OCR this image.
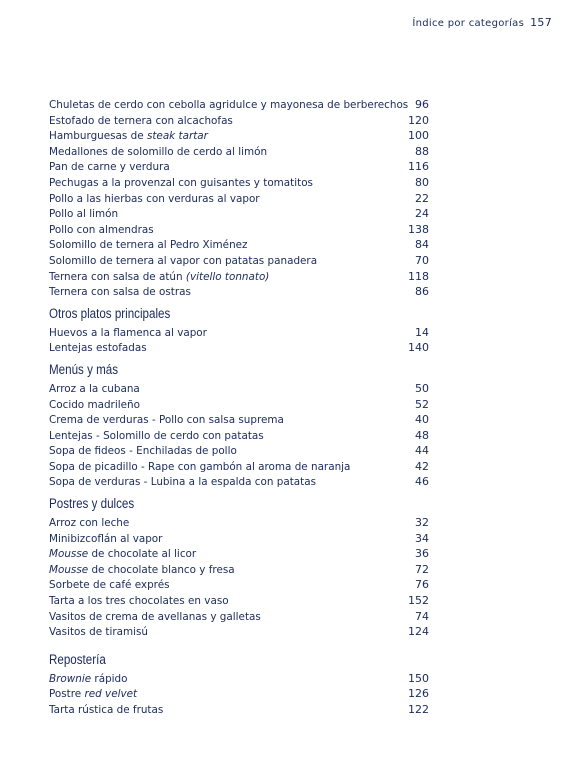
Índice por categorías 157
Chuletas de cerdo con cebolla agridulce y mayonesa de berberechos 96
Estofado de ternera con alcachofas	120
Hamburguesas de steak tartar	100
Medallones de solomillo de cerdo al limón	88
Pan de carne y verdura	116
Pechugas a la provenzal con guisantes y tomatitos	80
Pollo a las hierbas con verduras al vapor	22
Pollo al limón	24
Pollo con almendras	138
Solomillo de ternera al Pedro Ximénez	84
Solomillo de ternera al vapor con patatas panadera	70
Ternera con salsa de atún (vitello tonnato)	118
Ternera con salsa de ostras	86
Otros platos principales
Huevos a la flamenca al vapor	14
Lentejas estofadas	140
Menús y más
Arroz a la cubana	50
Cocido madrileño	52
Crema de verduras - Pollo con salsa suprema	40
Lentejas - Solomillo de cerdo con patatas	48
Sopa de fideos - Enchiladas de pollo	44
Sopa de picadillo - Rape con gambón al aroma de naranja	42
Sopa de verduras - Lubina a la espalda con patatas	46
Postres y dulces
Arroz con leche	32
Minibizcoflán al vapor	34
Mousse de chocolate al licor	36
Mousse de chocolate blanco y fresa	72
Sorbete de café exprés	76
Tarta a los tres chocolates en vaso	152
Vasitos de crema de avellanas y galletas	74
Vasitos de tiramisú	124
Repostería
Brownie rápido	150
Postre red velvet	126
Tarta rústica de frutas	122
